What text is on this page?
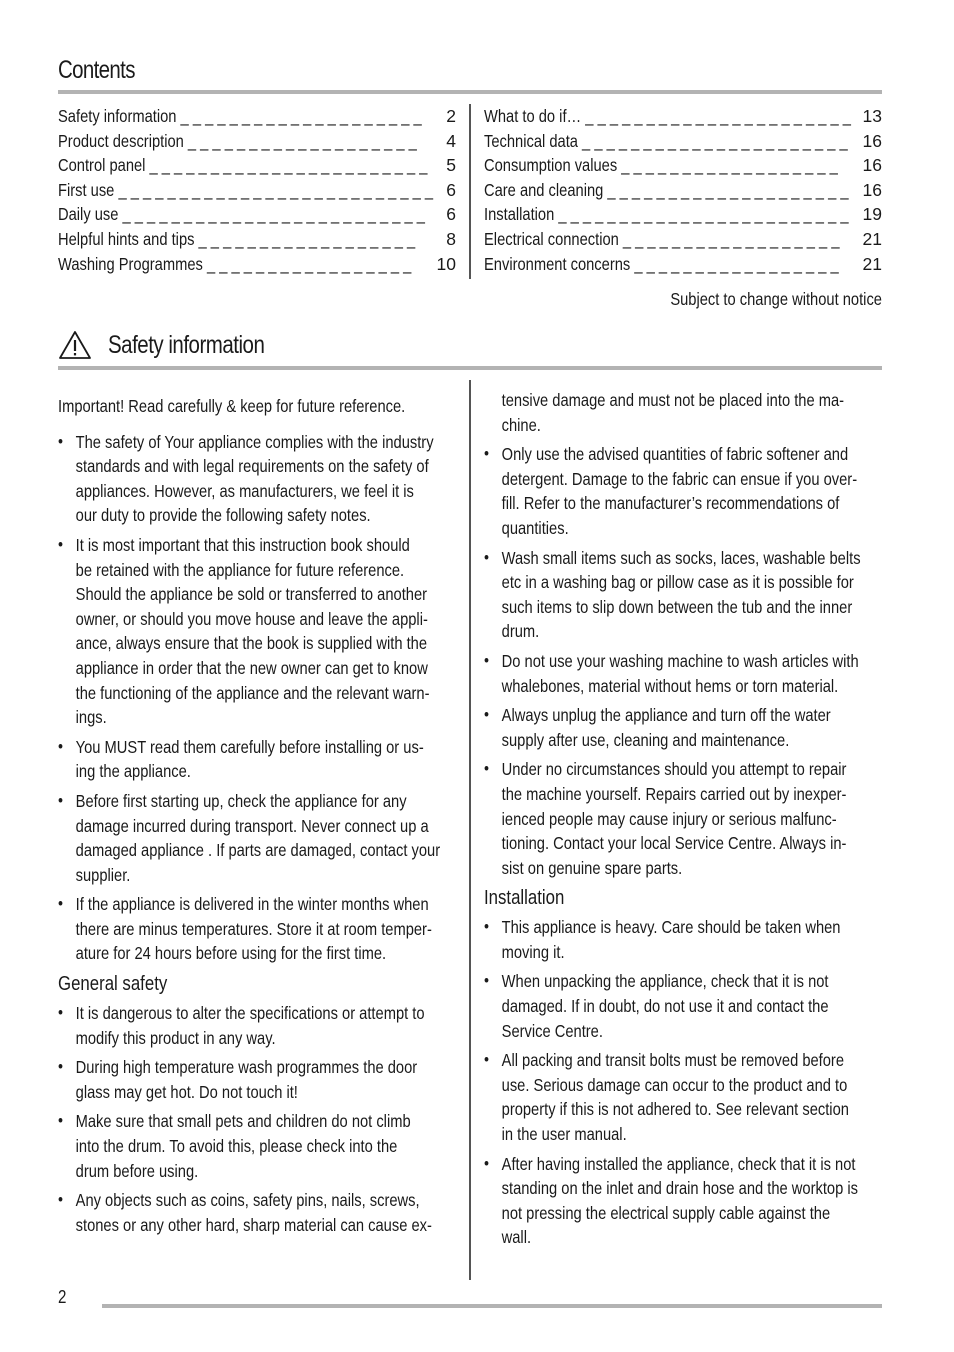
Contents
Safety information _ _ _ _ _ _ _ _ _ _ _ _ _ _ _ _ _ _ _ _ 2
Product description _ _ _ _ _ _ _ _ _ _ _ _ _ _ _ _ _ _ _ 4
Control panel _ _ _ _ _ _ _ _ _ _ _ _ _ _ _ _ _ _ _ _ _ _ _ 5
First use _ _ _ _ _ _ _ _ _ _ _ _ _ _ _ _ _ _ _ _ _ _ _ _ _ _ 6
Daily use _ _ _ _ _ _ _ _ _ _ _ _ _ _ _ _ _ _ _ _ _ _ _ _ _ 6
Helpful hints and tips _ _ _ _ _ _ _ _ _ _ _ _ _ _ _ _ _ _ 8
Washing Programmes _ _ _ _ _ _ _ _ _ _ _ _ _ _ _ _ _ 10
What to do if… _ _ _ _ _ _ _ _ _ _ _ _ _ _ _ _ _ _ _ _ _ _ 13
Technical data _ _ _ _ _ _ _ _ _ _ _ _ _ _ _ _ _ _ _ _ _ _ 16
Consumption values _ _ _ _ _ _ _ _ _ _ _ _ _ _ _ _ _ _ 16
Care and cleaning _ _ _ _ _ _ _ _ _ _ _ _ _ _ _ _ _ _ _ _ 16
Installation _ _ _ _ _ _ _ _ _ _ _ _ _ _ _ _ _ _ _ _ _ _ _ _ 19
Electrical connection _ _ _ _ _ _ _ _ _ _ _ _ _ _ _ _ _ _ 21
Environment concerns _ _ _ _ _ _ _ _ _ _ _ _ _ _ _ _ _ 21
Subject to change without notice
Safety information
Important! Read carefully & keep for future reference.
• The safety of Your appliance complies with the industry
standards and with legal requirements on the safety of
appliances. However, as manufacturers, we feel it is
our duty to provide the following safety notes.
• It is most important that this instruction book should
be retained with the appliance for future reference.
Should the appliance be sold or transferred to another
owner, or should you move house and leave the appli-
ance, always ensure that the book is supplied with the
appliance in order that the new owner can get to know
the functioning of the appliance and the relevant warn-
ings.
• You MUST read them carefully before installing or us-
ing the appliance.
• Before first starting up, check the appliance for any
damage incurred during transport. Never connect up a
damaged appliance . If parts are damaged, contact your
supplier.
• If the appliance is delivered in the winter months when
there are minus temperatures. Store it at room temper-
ature for 24 hours before using for the first time.
General safety
• It is dangerous to alter the specifications or attempt to
modify this product in any way.
• During high temperature wash programmes the door
glass may get hot. Do not touch it!
• Make sure that small pets and children do not climb
into the drum. To avoid this, please check into the
drum before using.
• Any objects such as coins, safety pins, nails, screws,
stones or any other hard, sharp material can cause ex-
tensive damage and must not be placed into the ma-
chine.
• Only use the advised quantities of fabric softener and
detergent. Damage to the fabric can ensue if you over-
fill. Refer to the manufacturer’s recommendations of
quantities.
• Wash small items such as socks, laces, washable belts
etc in a washing bag or pillow case as it is possible for
such items to slip down between the tub and the inner
drum.
• Do not use your washing machine to wash articles with
whalebones, material without hems or torn material.
• Always unplug the appliance and turn off the water
supply after use, cleaning and maintenance.
• Under no circumstances should you attempt to repair
the machine yourself. Repairs carried out by inexper-
ienced people may cause injury or serious malfunc-
tioning. Contact your local Service Centre. Always in-
sist on genuine spare parts.
Installation
• This appliance is heavy. Care should be taken when
moving it.
• When unpacking the appliance, check that it is not
damaged. If in doubt, do not use it and contact the
Service Centre.
• All packing and transit bolts must be removed before
use. Serious damage can occur to the product and to
property if this is not adhered to. See relevant section
in the user manual.
• After having installed the appliance, check that it is not
standing on the inlet and drain hose and the worktop is
not pressing the electrical supply cable against the
wall.
2
